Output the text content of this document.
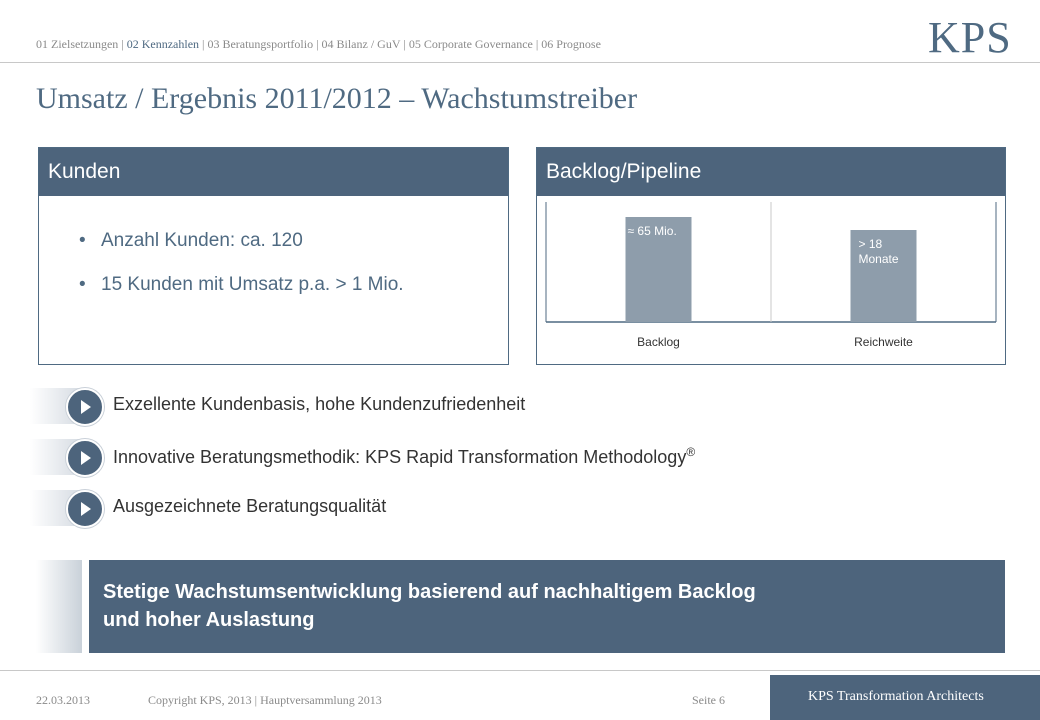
01 Zielsetzungen | 02 Kennzahlen | 03 Beratungsportfolio | 04 Bilanz / GuV | 05 Corporate Governance | 06 Prognose	KPS
Umsatz / Ergebnis 2011/2012 – Wachstumstreiber
Kunden
• Anzahl Kunden: ca. 120
• 15 Kunden mit Umsatz p.a. > 1 Mio.
Backlog/Pipeline
Backlog
≈ 65 Mio.
Reichweite
> 18
Monate
Exzellente Kundenbasis, hohe Kundenzufriedenheit
Innovative Beratungsmethodik: KPS Rapid Transformation Methodology®
Ausgezeichnete Beratungsqualität
Stetige Wachstumsentwicklung basierend auf nachhaltigem Backlog
und hoher Auslastung
22.03.2013	Copyright KPS, 2013 | Hauptversammlung 2013	Seite 6	KPS Transformation Architects
